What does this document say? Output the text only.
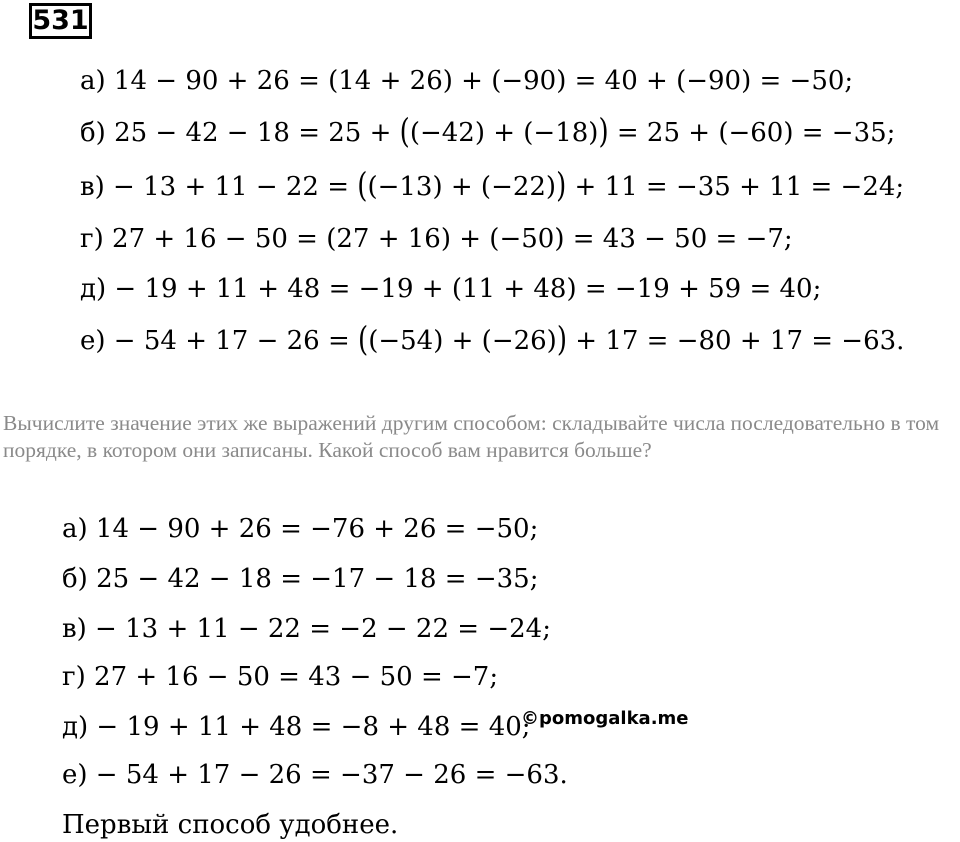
531
а) 14 − 90 + 26 = (14 + 26) + (−90) = 40 + (−90) = −50;
б) 25 − 42 − 18 = 25 + ((−42) + (−18)) = 25 + (−60) = −35;
в) − 13 + 11 − 22 = ((−13) + (−22)) + 11 = −35 + 11 = −24;
г) 27 + 16 − 50 = (27 + 16) + (−50) = 43 − 50 = −7;
д) − 19 + 11 + 48 = −19 + (11 + 48) = −19 + 59 = 40;
е) − 54 + 17 − 26 = ((−54) + (−26)) + 17 = −80 + 17 = −63.
Вычислите значение этих же выражений другим способом: складывайте числа последовательно в том порядке, в котором они записаны. Какой способ вам нравится больше?
а) 14 − 90 + 26 = −76 + 26 = −50;
б) 25 − 42 − 18 = −17 − 18 = −35;
в) − 13 + 11 − 22 = −2 − 22 = −24;
г) 27 + 16 − 50 = 43 − 50 = −7;
д) − 19 + 11 + 48 = −8 + 48 = 40;
е) − 54 + 17 − 26 = −37 − 26 = −63.
Первый способ удобнее.
©pomogalka.me
